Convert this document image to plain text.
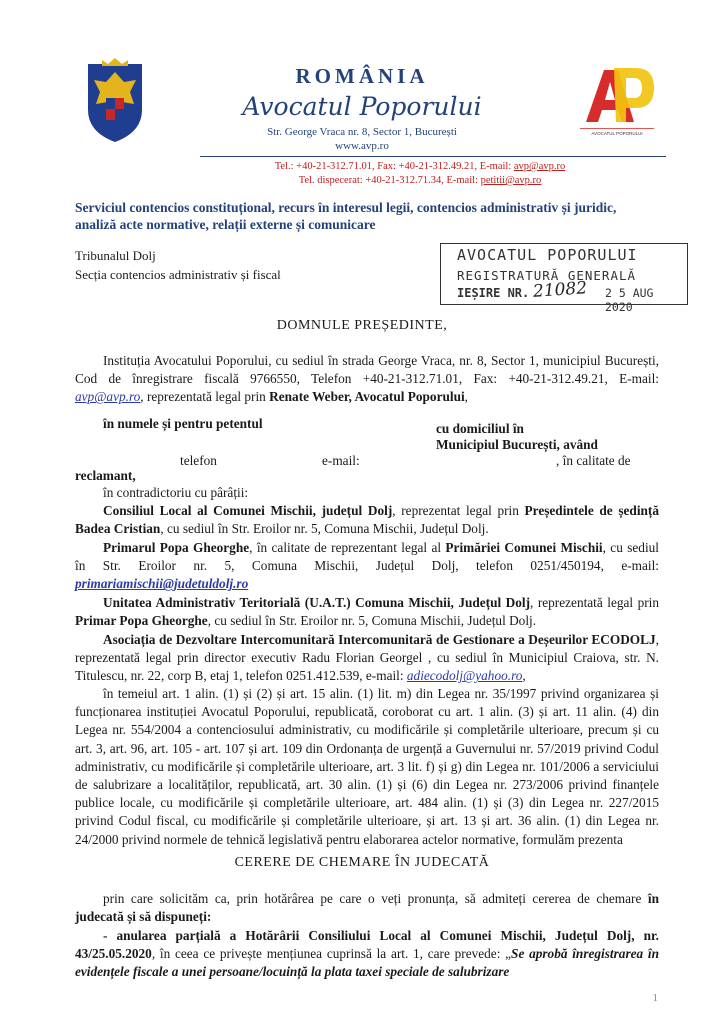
ROMÂNIA
Avocatul Poporului
Str. George Vraca nr. 8, Sector 1, București
www.avp.ro
Tel.: +40-21-312.71.01, Fax: +40-21-312.49.21, E-mail: avp@avp.ro
Tel. dispecerat: +40-21-312.71.34, E-mail: petitii@avp.ro
AVOCATUL POPORULUI
Serviciul contencios constituțional, recurs în interesul legii, contencios administrativ și juridic, analiză acte normative, relații externe și comunicare
Tribunalul Dolj
Secția contencios administrativ și fiscal
AVOCATUL POPORULUI
REGISTRATURĂ GENERALĂ
IEȘIRE NR. 21082 2 5 AUG 2020
DOMNULE PREȘEDINTE,
Instituția Avocatului Poporului, cu sediul în strada George Vraca, nr. 8, Sector 1, municipiul București, Cod de înregistrare fiscală 9766550, Telefon +40-21-312.71.01, Fax: +40-21-312.49.21, E-mail: avp@avp.ro, reprezentată legal prin Renate Weber, Avocatul Poporului,
în numele și pentru petentul	cu domiciliul în
Municipiul București, având
telefon	e-mail:	, în calitate de
reclamant,
în contradictoriu cu pârâții:
Consiliul Local al Comunei Mischii, județul Dolj, reprezentat legal prin Președintele de ședință Badea Cristian, cu sediul în Str. Eroilor nr. 5, Comuna Mischii, Județul Dolj.
Primarul Popa Gheorghe, în calitate de reprezentant legal al Primăriei Comunei Mischii, cu sediul în Str. Eroilor nr. 5, Comuna Mischii, Județul Dolj, telefon 0251/450194, e-mail: primariamischii@judetuldolj.ro
Unitatea Administrativ Teritorială (U.A.T.) Comuna Mischii, Județul Dolj, reprezentată legal prin Primar Popa Gheorghe, cu sediul în Str. Eroilor nr. 5, Comuna Mischii, Județul Dolj.
Asociația de Dezvoltare Intercomunitară Intercomunitară de Gestionare a Deșeurilor ECODOLJ, reprezentată legal prin director executiv Radu Florian Georgel , cu sediul în Municipiul Craiova, str. N. Titulescu, nr. 22, corp B, etaj 1, telefon 0251.412.539, e-mail: adiecodolj@yahoo.ro,
în temeiul art. 1 alin. (1) și (2) și art. 15 alin. (1) lit. m) din Legea nr. 35/1997 privind organizarea și funcționarea instituției Avocatul Poporului, republicată, coroborat cu art. 1 alin. (3) și art. 11 alin. (4) din Legea nr. 554/2004 a contenciosului administrativ, cu modificările și completările ulterioare, precum și cu art. 3, art. 96, art. 105 - art. 107 și art. 109 din Ordonanța de urgență a Guvernului nr. 57/2019 privind Codul administrativ, cu modificările și completările ulterioare, art. 3 lit. f) și g) din Legea nr. 101/2006 a serviciului de salubrizare a localităților, republicată, art. 30 alin. (1) și (6) din Legea nr. 273/2006 privind finanțele publice locale, cu modificările și completările ulterioare, art. 484 alin. (1) și (3) din Legea nr. 227/2015 privind Codul fiscal, cu modificările și completările ulterioare, și art. 13 și art. 36 alin. (1) din Legea nr. 24/2000 privind normele de tehnică legislativă pentru elaborarea actelor normative, formulăm prezenta
CERERE DE CHEMARE ÎN JUDECATĂ
prin care solicităm ca, prin hotărârea pe care o veți pronunța, să admiteți cererea de chemare în judecată și să dispuneți:
- anularea parțială a Hotărârii Consiliului Local al Comunei Mischii, Județul Dolj, nr. 43/25.05.2020, în ceea ce privește mențiunea cuprinsă la art. 1, care prevede: „Se aprobă înregistrarea în evidențele fiscale a unei persoane/locuință la plata taxei speciale de salubrizare
1
